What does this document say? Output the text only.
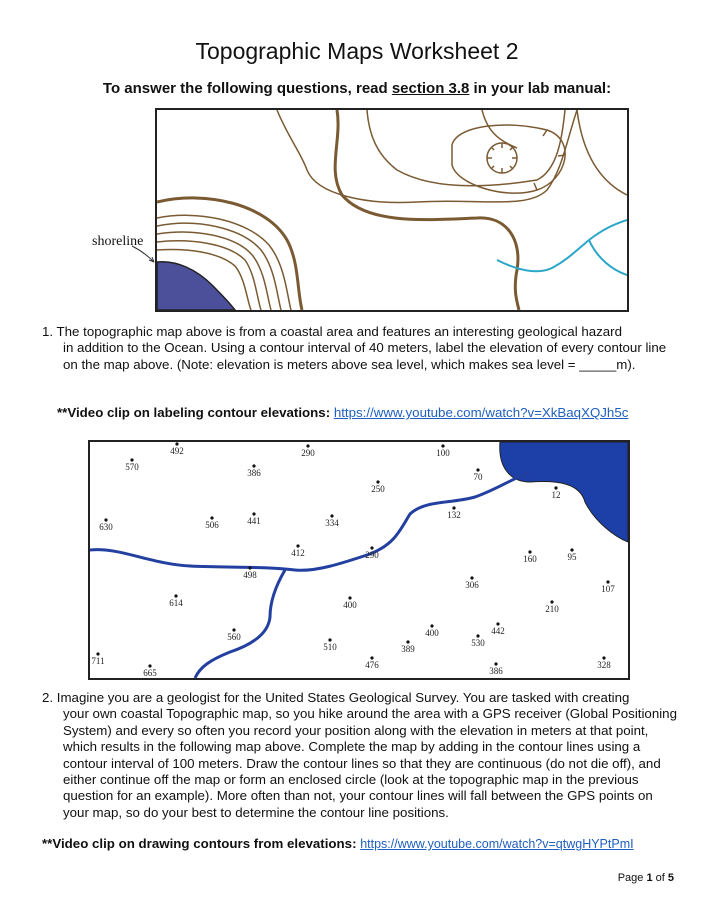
Topographic Maps Worksheet 2
To answer the following questions, read section 3.8 in your lab manual:
shoreline
1. The topographic map above is from a coastal area and features an interesting geological hazard
in addition to the Ocean. Using a contour interval of 40 meters, label the elevation of every contour line on the map above. (Note: elevation is meters above sea level, which makes sea level = _____m).
**Video clip on labeling contour elevations: https://www.youtube.com/watch?v=XkBaqXQJh5c
492	290	100
570
386	70
250
12
630	506	441	334
132
412	290	160	95
498
306	107
614	400	210
442
560
510
400
530
389
711	476	328
665	386
2. Imagine you are a geologist for the United States Geological Survey. You are tasked with creating
your own coastal Topographic map, so you hike around the area with a GPS receiver (Global Positioning System) and every so often you record your position along with the elevation in meters at that point, which results in the following map above. Complete the map by adding in the contour lines using a contour interval of 100 meters. Draw the contour lines so that they are continuous (do not die off), and either continue off the map or form an enclosed circle (look at the topographic map in the previous question for an example). More often than not, your contour lines will fall between the GPS points on your map, so do your best to determine the contour line positions.
**Video clip on drawing contours from elevations: https://www.youtube.com/watch?v=qtwgHYPtPmI
Page 1 of 5
